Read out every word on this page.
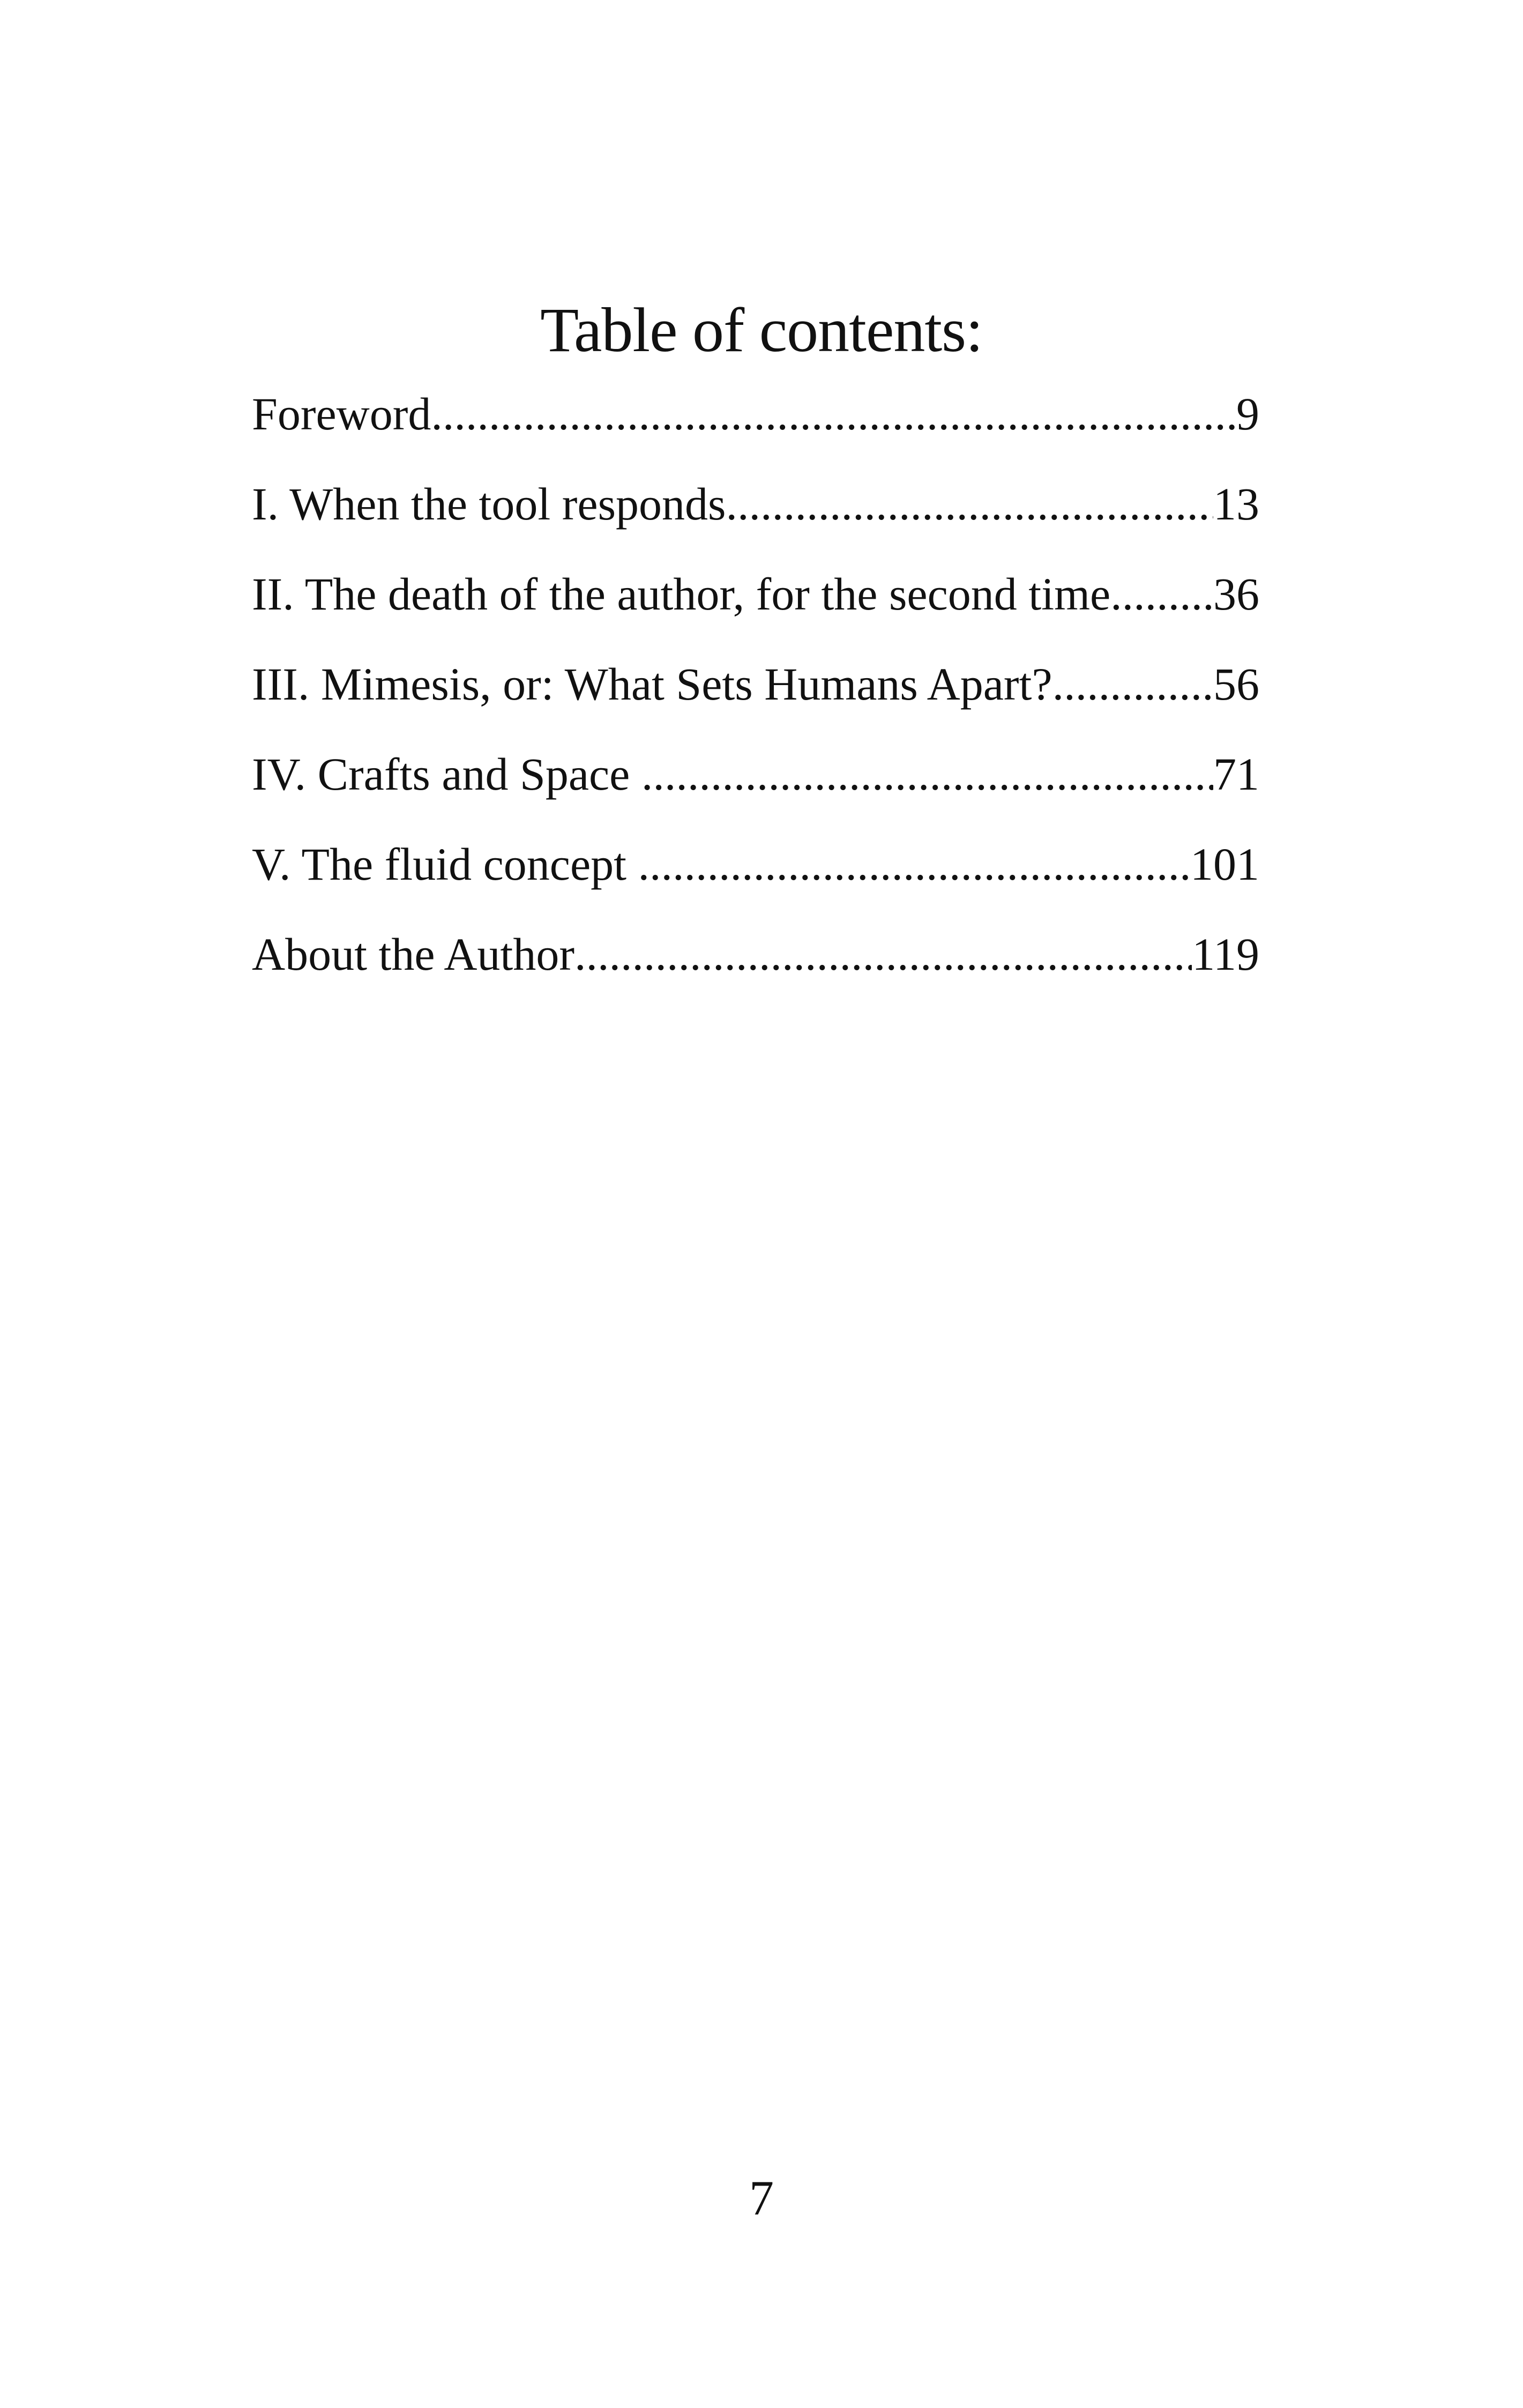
Table of contents:
Foreword .....	9
I. When the tool responds .....	13
II. The death of the author, for the second time ..... 36
III. Mimesis, or: What Sets Humans Apart? .....	56
IV. Crafts and Space .....	71
V. The fluid concept .....	101
About the Author .....	119
7
